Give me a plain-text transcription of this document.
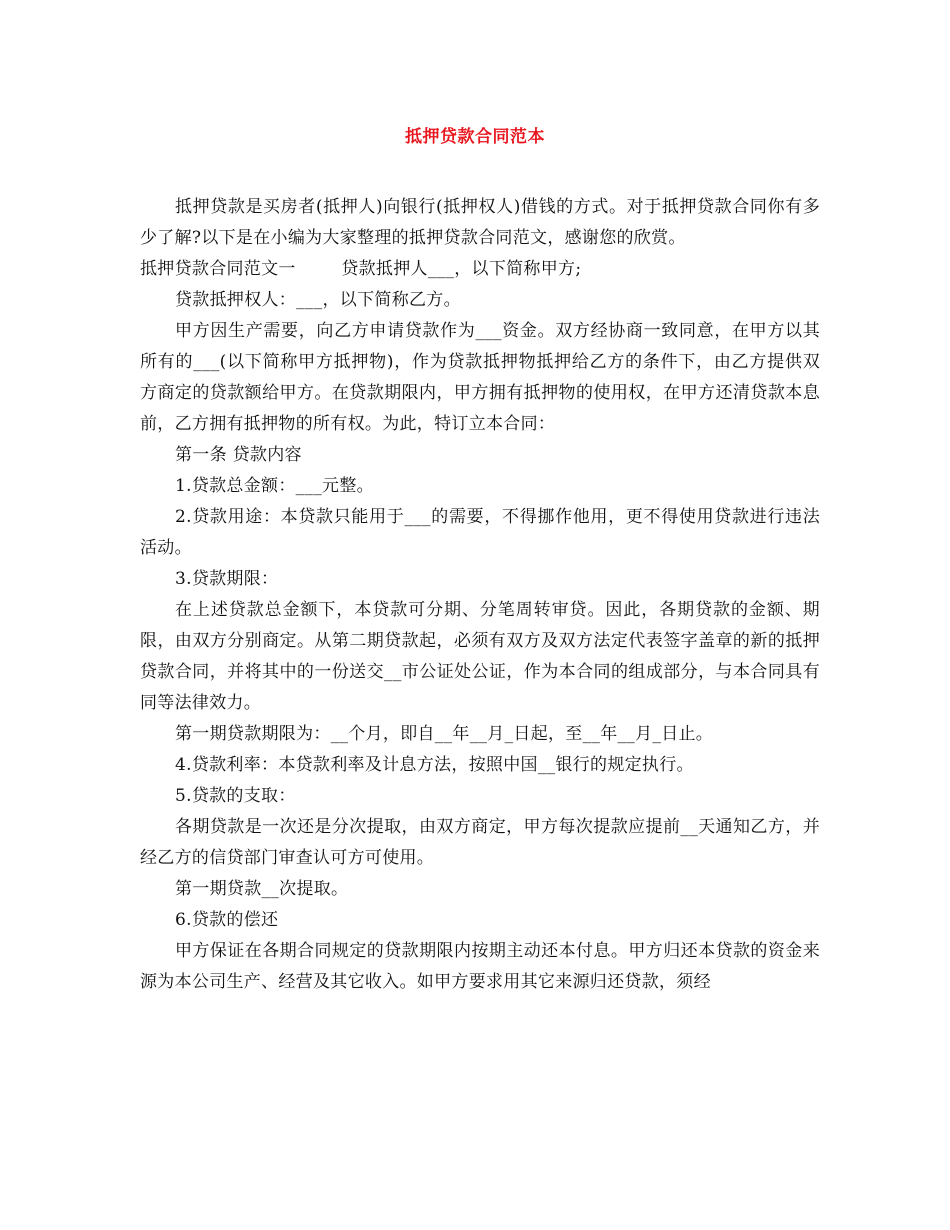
抵押贷款合同范本

抵押贷款是买房者(抵押人)向银行(抵押权人)借钱的方式。对于抵押贷款合同你有多少了解?以下是在小编为大家整理的抵押贷款合同范文，感谢您的欣赏。

抵押贷款合同范文一        贷款抵押人___，以下简称甲方;

贷款抵押权人：___，以下简称乙方。

甲方因生产需要，向乙方申请贷款作为___资金。双方经协商一致同意，在甲方以其所有的___(以下简称甲方抵押物)，作为贷款抵押物抵押给乙方的条件下，由乙方提供双方商定的贷款额给甲方。在贷款期限内，甲方拥有抵押物的使用权，在甲方还清贷款本息前，乙方拥有抵押物的所有权。为此，特订立本合同：

第一条 贷款内容

1.贷款总金额：___元整。

2.贷款用途：本贷款只能用于___的需要，不得挪作他用，更不得使用贷款进行违法活动。

3.贷款期限：

在上述贷款总金额下，本贷款可分期、分笔周转审贷。因此，各期贷款的金额、期限，由双方分别商定。从第二期贷款起，必须有双方及双方法定代表签字盖章的新的抵押贷款合同，并将其中的一份送交__市公证处公证，作为本合同的组成部分，与本合同具有同等法律效力。

第一期贷款期限为：__个月，即自__年__月_日起，至__年__月_日止。

4.贷款利率：本贷款利率及计息方法，按照中国__银行的规定执行。

5.贷款的支取：

各期贷款是一次还是分次提取，由双方商定，甲方每次提款应提前__天通知乙方，并经乙方的信贷部门审查认可方可使用。

第一期贷款__次提取。

6.贷款的偿还

甲方保证在各期合同规定的贷款期限内按期主动还本付息。甲方归还本贷款的资金来源为本公司生产、经营及其它收入。如甲方要求用其它来源归还贷款，须经
